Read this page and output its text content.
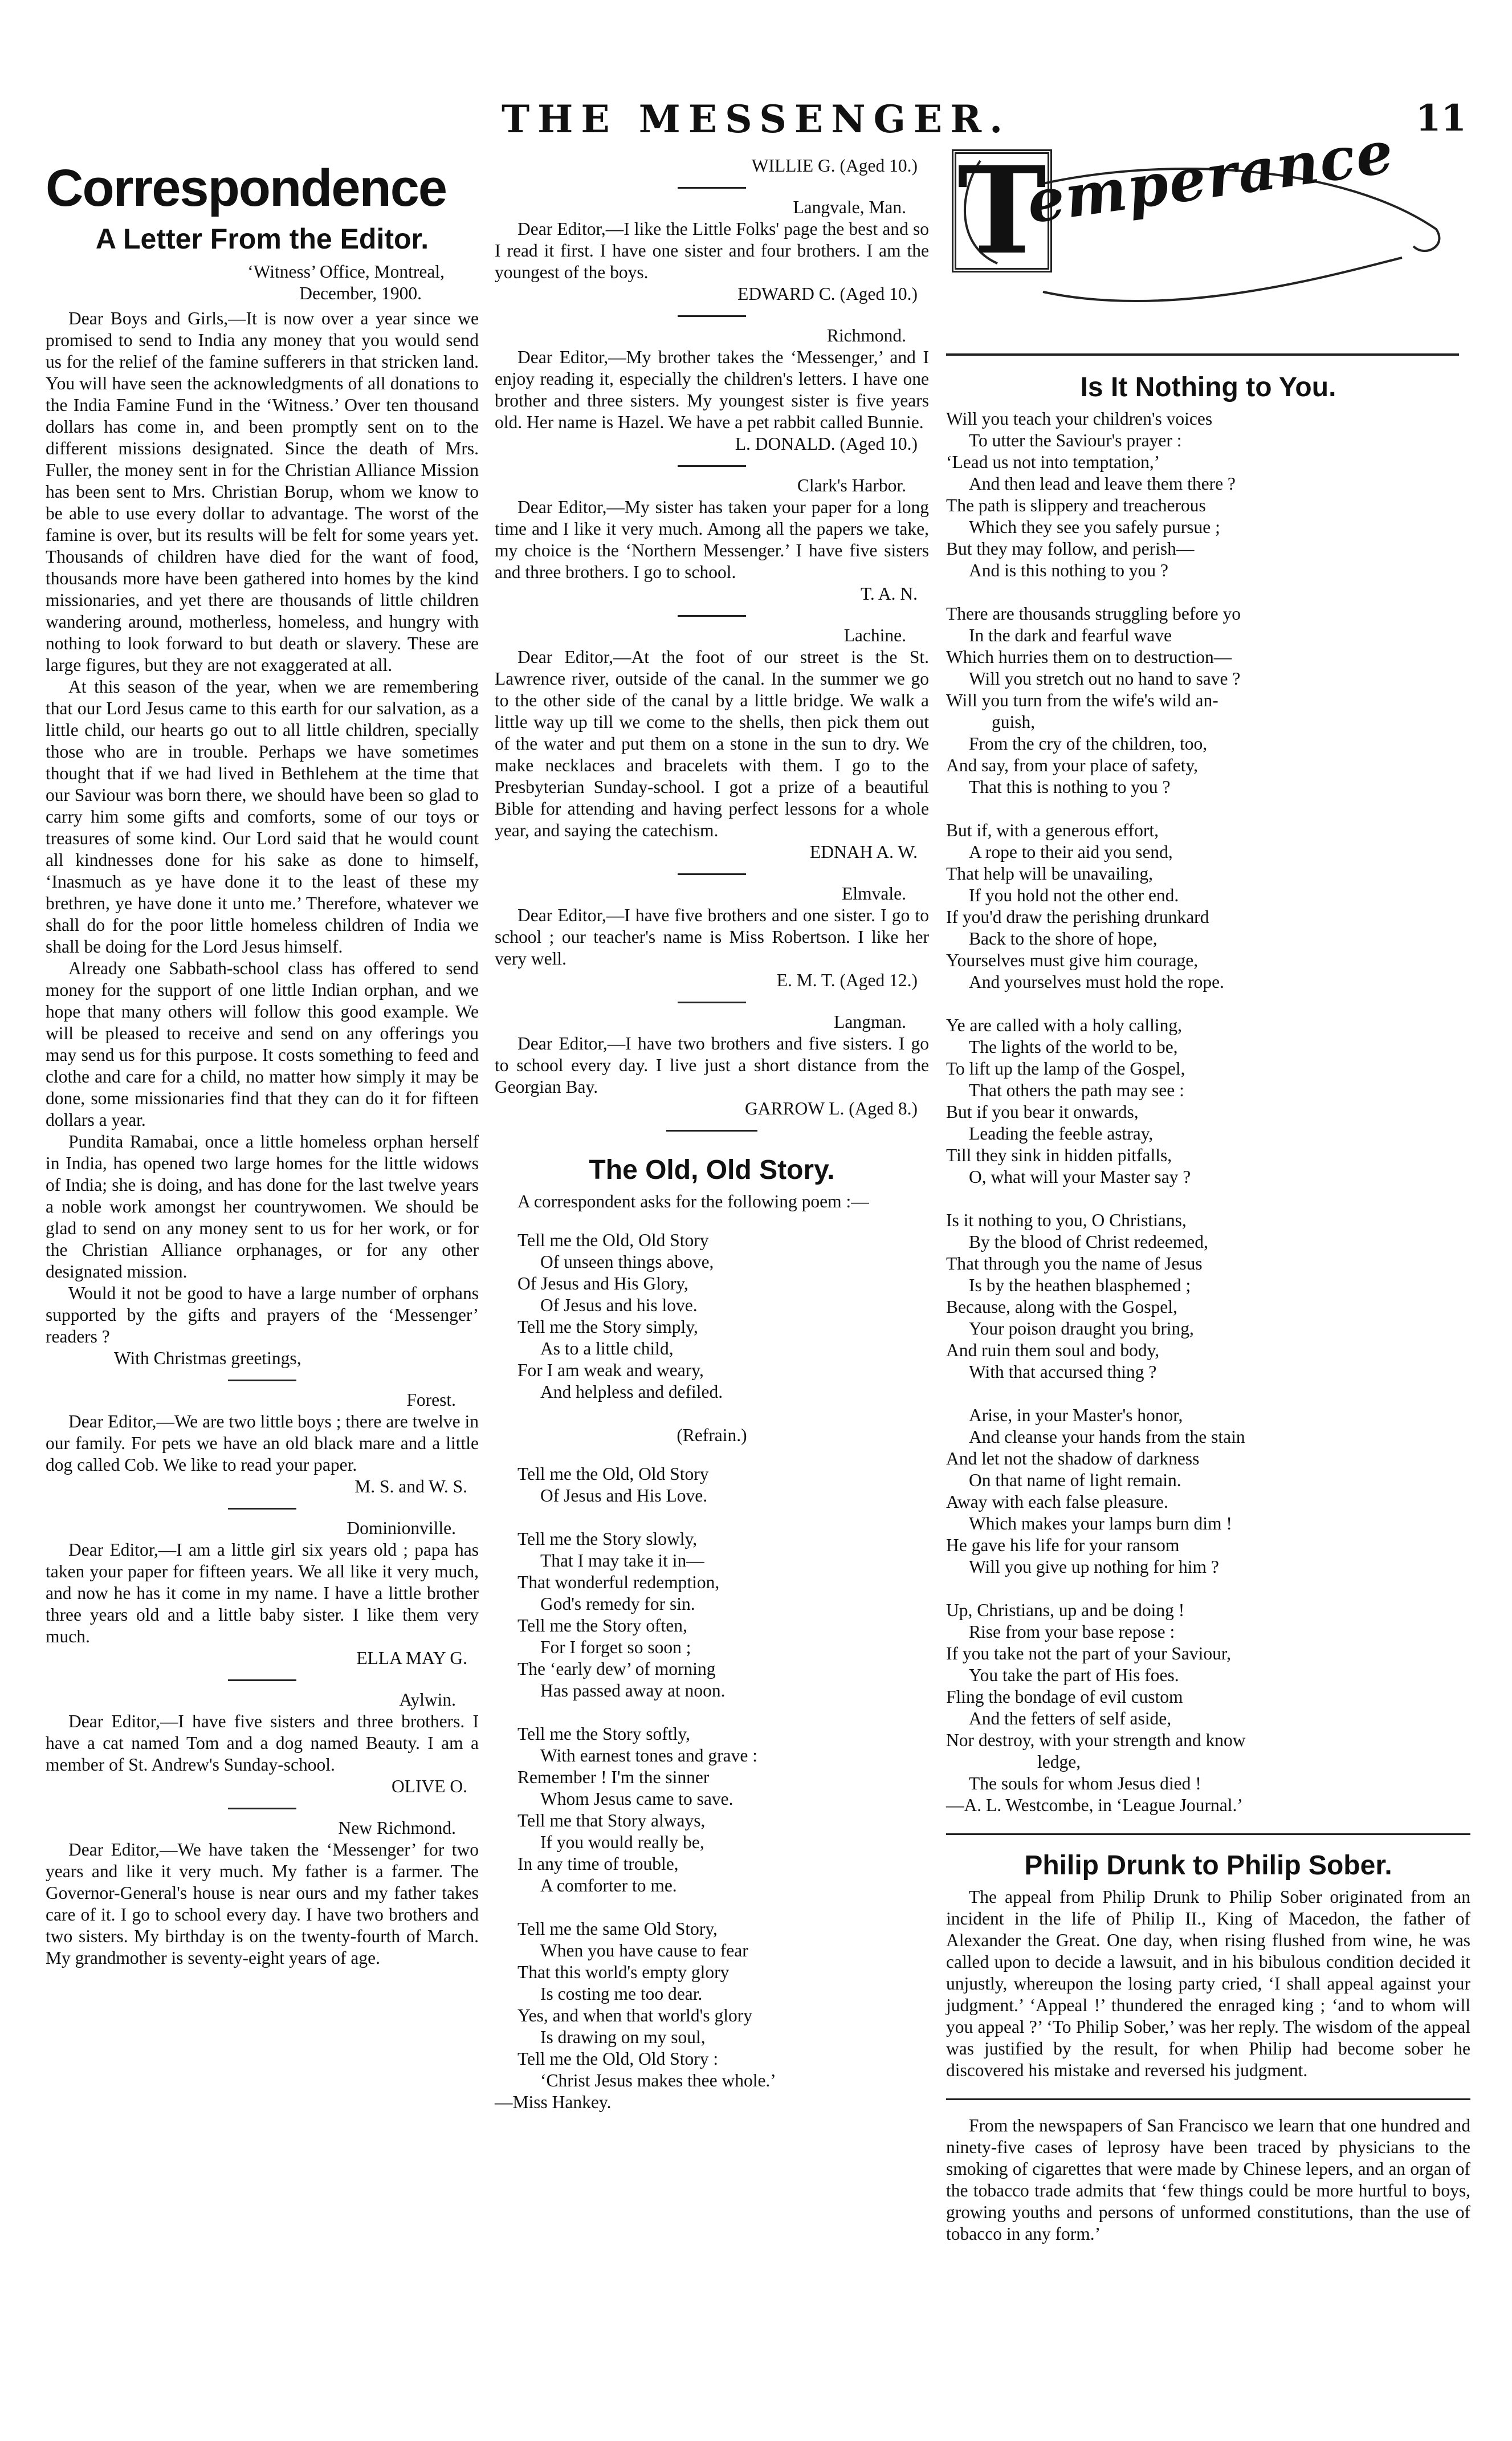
THE MESSENGER.	11
Correspondence
A Letter From the Editor.

‘Witness’ Office, Montreal,

December, 1900.

Dear Boys and Girls,—It is now over a year since we promised to send to India any money that you would send us for the relief of the famine sufferers in that stricken land. You will have seen the acknowledgments of all donations to the India Famine Fund in the ‘Witness.’ Over ten thousand dollars has come in, and been promptly sent on to the different missions designated. Since the death of Mrs. Fuller, the money sent in for the Christian Alliance Mission has been sent to Mrs. Christian Borup, whom we know to be able to use every dollar to advantage. The worst of the famine is over, but its results will be felt for some years yet. Thousands of children have died for the want of food, thousands more have been gathered into homes by the kind missionaries, and yet there are thousands of little children wandering around, motherless, homeless, and hungry with nothing to look forward to but death or slavery. These are large figures, but they are not exaggerated at all.

At this season of the year, when we are remembering that our Lord Jesus came to this earth for our salvation, as a little child, our hearts go out to all little children, specially those who are in trouble. Perhaps we have sometimes thought that if we had lived in Bethlehem at the time that our Saviour was born there, we should have been so glad to carry him some gifts and comforts, some of our toys or treasures of some kind. Our Lord said that he would count all kindnesses done for his sake as done to himself, ‘Inasmuch as ye have done it to the least of these my brethren, ye have done it unto me.’ Therefore, whatever we shall do for the poor little homeless children of India we shall be doing for the Lord Jesus himself.

Already one Sabbath-school class has offered to send money for the support of one little Indian orphan, and we hope that many others will follow this good example. We will be pleased to receive and send on any offerings you may send us for this purpose. It costs something to feed and clothe and care for a child, no matter how simply it may be done, some missionaries find that they can do it for fifteen dollars a year.

Pundita Ramabai, once a little homeless orphan herself in India, has opened two large homes for the little widows of India; she is doing, and has done for the last twelve years a noble work amongst her countrywomen. We should be glad to send on any money sent to us for her work, or for the Christian Alliance orphanages, or for any other designated mission.

Would it not be good to have a large number of orphans supported by the gifts and prayers of the ‘Messenger’ readers ?

With Christmas greetings,

Forest.

Dear Editor,—We are two little boys ; there are twelve in our family. For pets we have an old black mare and a little dog called Cob. We like to read your paper.

M. S. and W. S.

Dominionville.

Dear Editor,—I am a little girl six years old ; papa has taken your paper for fifteen years. We all like it very much, and now he has it come in my name. I have a little brother three years old and a little baby sister. I like them very much.

ELLA MAY G.

Aylwin.

Dear Editor,—I have five sisters and three brothers. I have a cat named Tom and a dog named Beauty. I am a member of St. Andrew's Sunday-school.

OLIVE O.

New Richmond.

Dear Editor,—We have taken the ‘Messenger’ for two years and like it very much. My father is a farmer. The Governor-General's house is near ours and my father takes care of it. I go to school every day. I have two brothers and two sisters. My birthday is on the twenty-fourth of March. My grandmother is seventy-eight years of age.

WILLIE G. (Aged 10.)

Langvale, Man.

Dear Editor,—I like the Little Folks' page the best and so I read it first. I have one sister and four brothers. I am the youngest of the boys.

EDWARD C. (Aged 10.)

Richmond.

Dear Editor,—My brother takes the ‘Messenger,’ and I enjoy reading it, especially the children's letters. I have one brother and three sisters. My youngest sister is five years old. Her name is Hazel. We have a pet rabbit called Bunnie.

L. DONALD. (Aged 10.)

Clark's Harbor.

Dear Editor,—My sister has taken your paper for a long time and I like it very much. Among all the papers we take, my choice is the ‘Northern Messenger.’ I have five sisters and three brothers. I go to school.

T. A. N.

Lachine.

Dear Editor,—At the foot of our street is the St. Lawrence river, outside of the canal. In the summer we go to the other side of the canal by a little bridge. We walk a little way up till we come to the shells, then pick them out of the water and put them on a stone in the sun to dry. We make necklaces and bracelets with them. I go to the Presbyterian Sunday-school. I got a prize of a beautiful Bible for attending and having perfect lessons for a whole year, and saying the catechism.

EDNAH A. W.

Elmvale.

Dear Editor,—I have five brothers and one sister. I go to school ; our teacher's name is Miss Robertson. I like her very well.

E. M. T. (Aged 12.)

Langman.

Dear Editor,—I have two brothers and five sisters. I go to school every day. I live just a short distance from the Georgian Bay.

GARROW L. (Aged 8.)

The Old, Old Story.

A correspondent asks for the following poem :—

Tell me the Old, Old Story
Of unseen things above,
Of Jesus and His Glory,
Of Jesus and his love.
Tell me the Story simply,
As to a little child,
For I am weak and weary,
And helpless and defiled.

(Refrain.)

Tell me the Old, Old Story
Of Jesus and His Love.
Tell me the Story slowly,
That I may take it in—
That wonderful redemption,
God's remedy for sin.
Tell me the Story often,
For I forget so soon ;
The ‘early dew’ of morning
Has passed away at noon.
Tell me the Story softly,
With earnest tones and grave :
Remember ! I'm the sinner
Whom Jesus came to save.
Tell me that Story always,
If you would really be,
In any time of trouble,
A comforter to me.
Tell me the same Old Story,
When you have cause to fear
That this world's empty glory
Is costing me too dear.
Yes, and when that world's glory
Is drawing on my soul,
Tell me the Old, Old Story :
‘Christ Jesus makes thee whole.’

—Miss Hankey.

T
emperance
Is It Nothing to You.
Will you teach your children's voices
To utter the Saviour's prayer :
‘Lead us not into temptation,’
And then lead and leave them there ?
The path is slippery and treacherous
Which they see you safely pursue ;
But they may follow, and perish—
And is this nothing to you ?
There are thousands struggling before yo
In the dark and fearful wave
Which hurries them on to destruction—
Will you stretch out no hand to save ?
Will you turn from the wife's wild an-
guish,
From the cry of the children, too,
And say, from your place of safety,
That this is nothing to you ?
But if, with a generous effort,
A rope to their aid you send,
That help will be unavailing,
If you hold not the other end.
If you'd draw the perishing drunkard
Back to the shore of hope,
Yourselves must give him courage,
And yourselves must hold the rope.
Ye are called with a holy calling,
The lights of the world to be,
To lift up the lamp of the Gospel,
That others the path may see :
But if you bear it onwards,
Leading the feeble astray,
Till they sink in hidden pitfalls,
O, what will your Master say ?
Is it nothing to you, O Christians,
By the blood of Christ redeemed,
That through you the name of Jesus
Is by the heathen blasphemed ;
Because, along with the Gospel,
Your poison draught you bring,
And ruin them soul and body,
With that accursed thing ?
Arise, in your Master's honor,
And cleanse your hands from the stain
And let not the shadow of darkness
On that name of light remain.
Away with each false pleasure.
Which makes your lamps burn dim !
He gave his life for your ransom
Will you give up nothing for him ?
Up, Christians, up and be doing !
Rise from your base repose :
If you take not the part of your Saviour,
You take the part of His foes.
Fling the bondage of evil custom
And the fetters of self aside,
Nor destroy, with your strength and know
ledge,
The souls for whom Jesus died !

—A. L. Westcombe, in ‘League Journal.’

Philip Drunk to Philip Sober.

The appeal from Philip Drunk to Philip Sober originated from an incident in the life of Philip II., King of Macedon, the father of Alexander the Great. One day, when rising flushed from wine, he was called upon to decide a lawsuit, and in his bibulous condition decided it unjustly, whereupon the losing party cried, ‘I shall appeal against your judgment.’ ‘Appeal !’ thundered the enraged king ; ‘and to whom will you appeal ?’ ‘To Philip Sober,’ was her reply. The wisdom of the appeal was justified by the result, for when Philip had become sober he discovered his mistake and reversed his judgment.

From the newspapers of San Francisco we learn that one hundred and ninety-five cases of leprosy have been traced by physicians to the smoking of cigarettes that were made by Chinese lepers, and an organ of the tobacco trade admits that ‘few things could be more hurtful to boys, growing youths and persons of unformed constitutions, than the use of tobacco in any form.’
